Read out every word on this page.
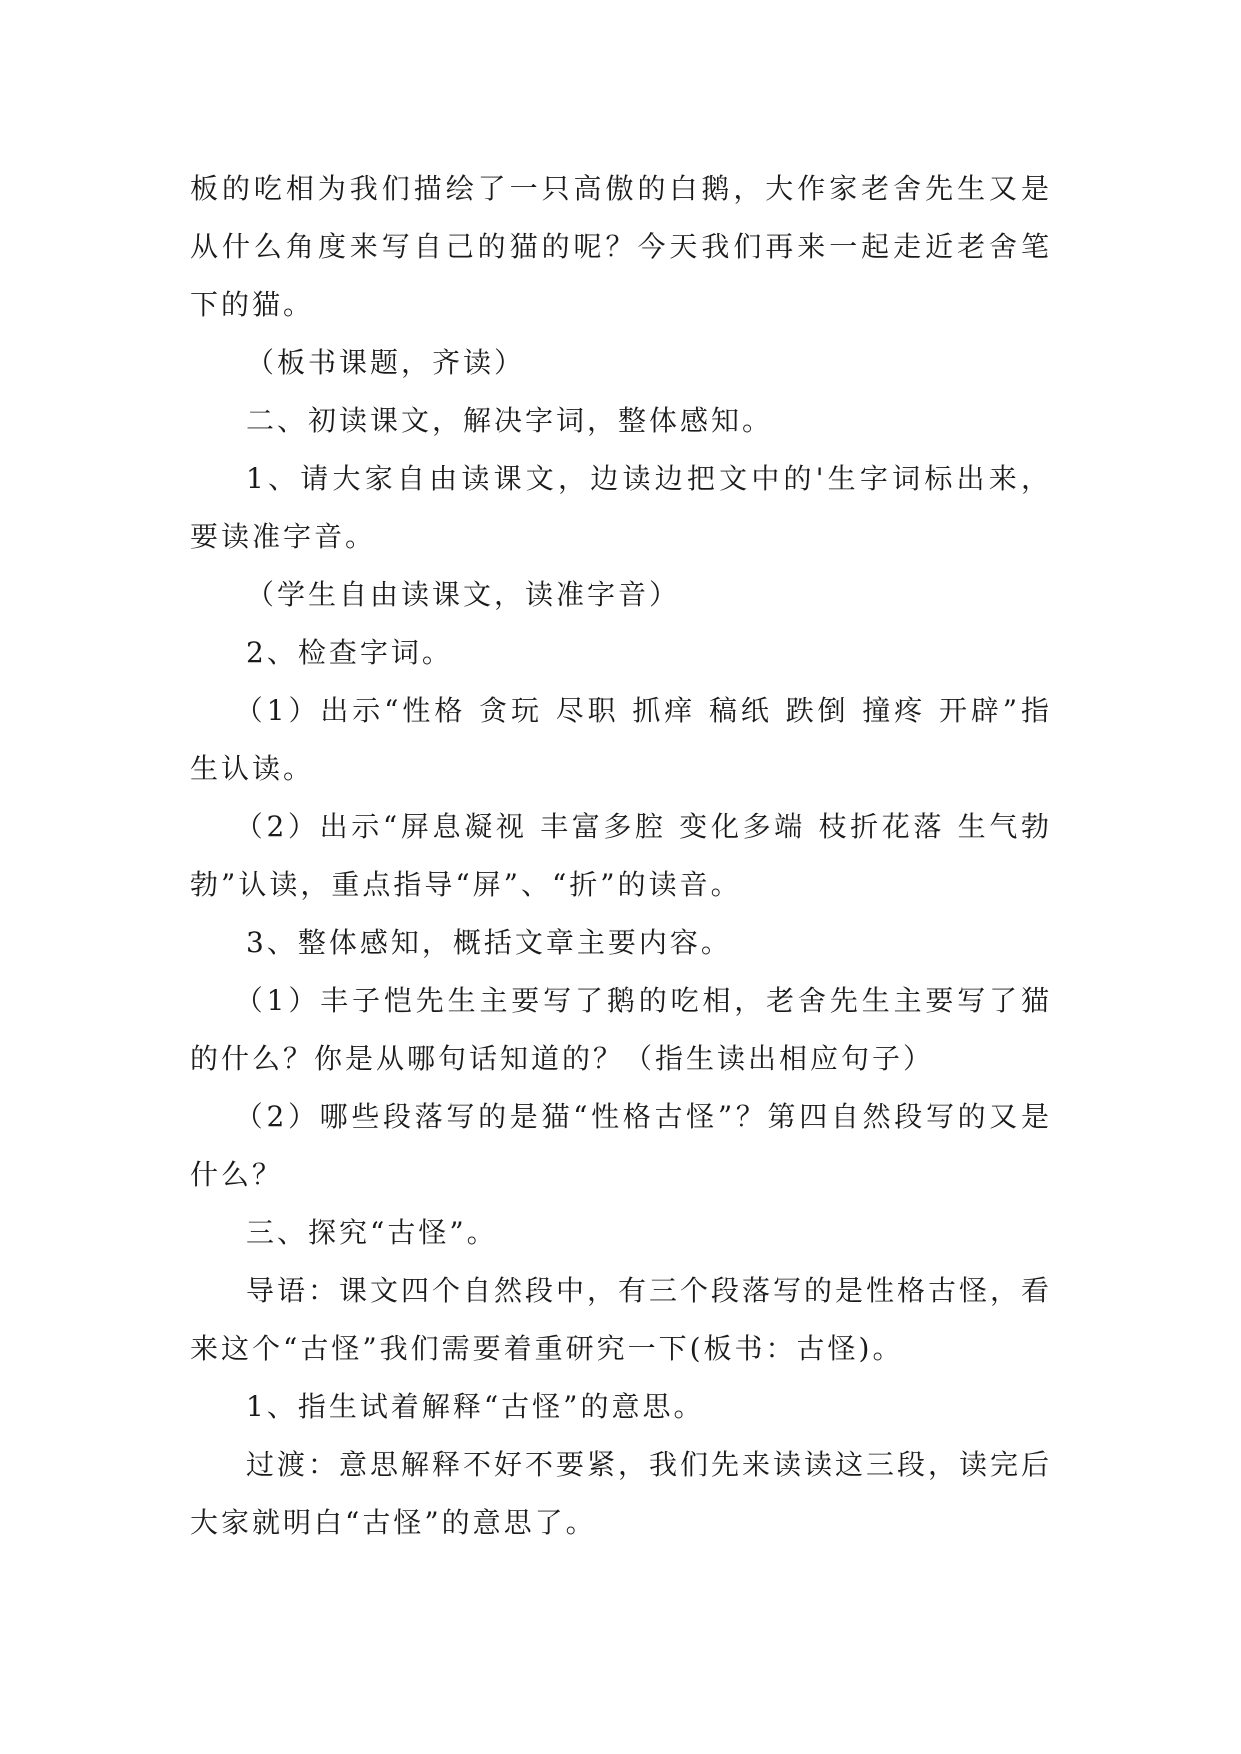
板的吃相为我们描绘了一只高傲的白鹅，大作家老舍先生又是从什么角度来写自己的猫的呢？今天我们再来一起走近老舍笔下的猫。

（板书课题，齐读）

二、初读课文，解决字词，整体感知。

1、请大家自由读课文，边读边把文中的'生字词标出来，要读准字音。

（学生自由读课文，读准字音）

2、检查字词。

（1）出示“性格 贪玩 尽职 抓痒 稿纸 跌倒 撞疼 开辟”指生认读。

（2）出示“屏息凝视 丰富多腔 变化多端 枝折花落 生气勃勃”认读，重点指导“屏”、“折”的读音。

3、整体感知，概括文章主要内容。

（1）丰子恺先生主要写了鹅的吃相，老舍先生主要写了猫的什么？你是从哪句话知道的？（指生读出相应句子）

（2）哪些段落写的是猫“性格古怪”？第四自然段写的又是什么？

三、探究“古怪”。

导语：课文四个自然段中，有三个段落写的是性格古怪，看来这个“古怪”我们需要着重研究一下(板书：古怪)。

1、指生试着解释“古怪”的意思。

过渡：意思解释不好不要紧，我们先来读读这三段，读完后大家就明白“古怪”的意思了。
